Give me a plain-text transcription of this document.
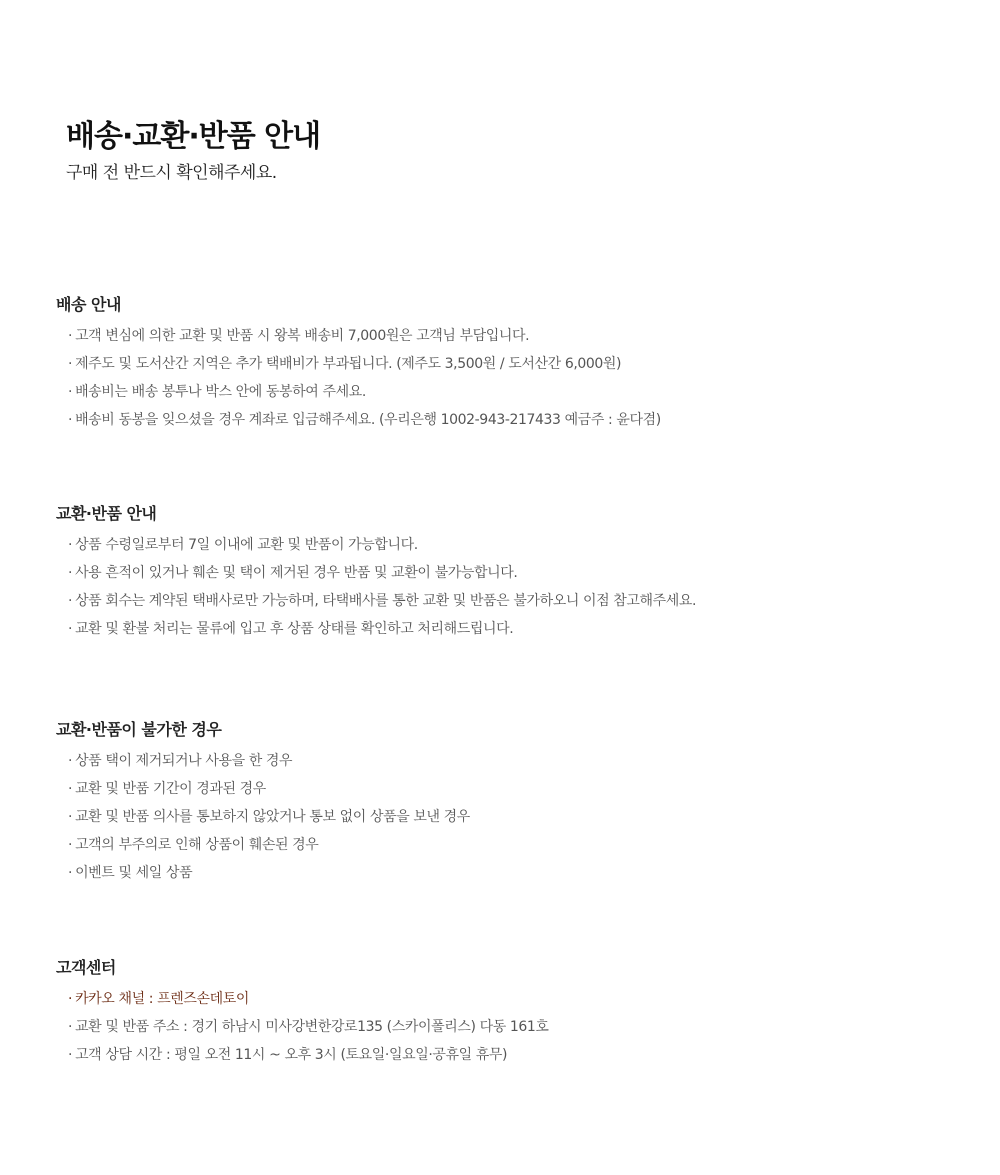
배송·교환·반품 안내

구매 전 반드시 확인해주세요.

배송 안내
· 고객 변심에 의한 교환 및 반품 시 왕복 배송비 7,000원은 고객님 부담입니다.
· 제주도 및 도서산간 지역은 추가 택배비가 부과됩니다. (제주도 3,500원 / 도서산간 6,000원)
· 배송비는 배송 봉투나 박스 안에 동봉하여 주세요.
· 배송비 동봉을 잊으셨을 경우 계좌로 입금해주세요. (우리은행 1002-943-217433 예금주 : 윤다겸)
교환·반품 안내
· 상품 수령일로부터 7일 이내에 교환 및 반품이 가능합니다.
· 사용 흔적이 있거나 훼손 및 택이 제거된 경우 반품 및 교환이 불가능합니다.
· 상품 회수는 계약된 택배사로만 가능하며, 타택배사를 통한 교환 및 반품은 불가하오니 이점 참고해주세요.
· 교환 및 환불 처리는 물류에 입고 후 상품 상태를 확인하고 처리해드립니다.
교환·반품이 불가한 경우
· 상품 택이 제거되거나 사용을 한 경우
· 교환 및 반품 기간이 경과된 경우
· 교환 및 반품 의사를 통보하지 않았거나 통보 없이 상품을 보낸 경우
· 고객의 부주의로 인해 상품이 훼손된 경우
· 이벤트 및 세일 상품
고객센터
· 카카오 채널 : 프렌즈손데토이
· 교환 및 반품 주소 : 경기 하남시 미사강변한강로135 (스카이폴리스) 다동 161호
· 고객 상담 시간 : 평일 오전 11시 ~ 오후 3시 (토요일·일요일·공휴일 휴무)
